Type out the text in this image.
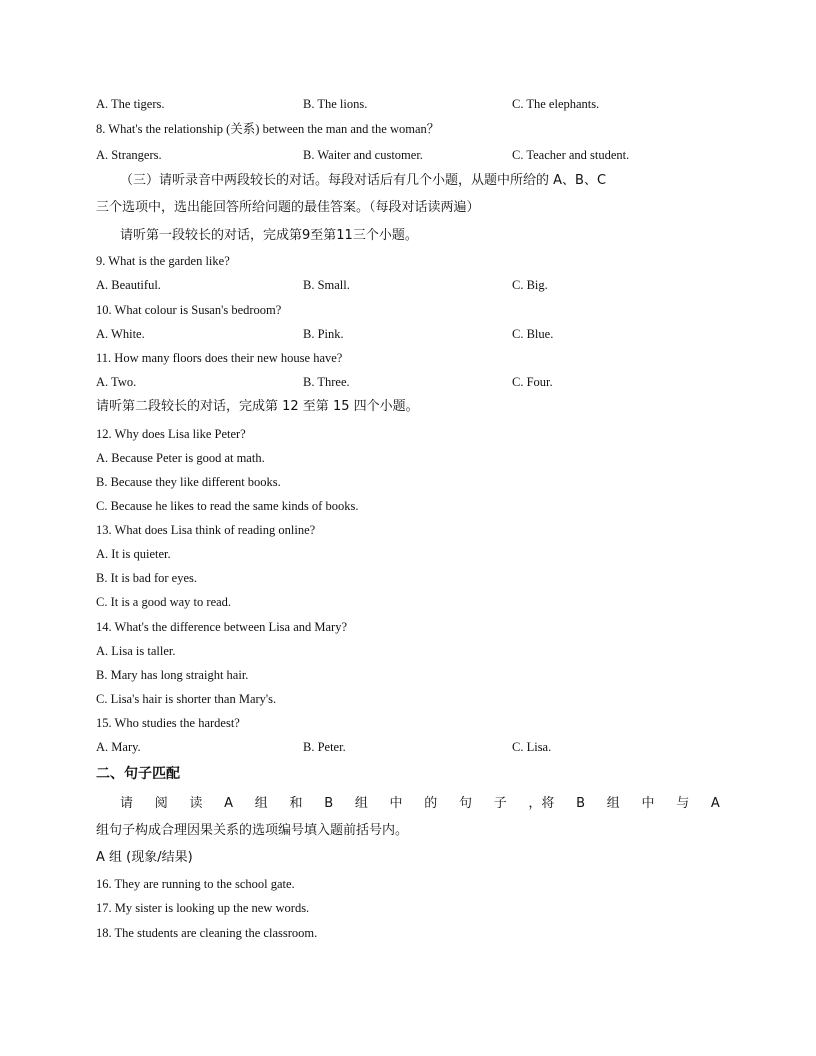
A. The tigers.	B. The lions.	C. The elephants.
8. What's the relationship (关系) between the man and the woman？
A. Strangers.	B. Waiter and customer.	C. Teacher and student.
（三）请听录音中两段较长的对话。每段对话后有几个小题，从题中所给的 A、B、C
三个选项中，选出能回答所给问题的最佳答案。（每段对话读两遍）
请听第一段较长的对话，完成第9至第11三个小题。
9. What is the garden like?
A. Beautiful.	B. Small.	C. Big.
10. What colour is Susan's bedroom?
A. White.	B. Pink.	C. Blue.
11. How many floors does their new house have?
A. Two.	B. Three.	C. Four.
请听第二段较长的对话，完成第 12 至第 15 四个小题。
12. Why does Lisa like Peter?
A. Because Peter is good at math.
B. Because they like different books.
C. Because he likes to read the same kinds of books.
13. What does Lisa think of reading online?
A. It is quieter.
B. It is bad for eyes.
C. It is a good way to read.
14. What's the difference between Lisa and Mary?
A. Lisa is taller.
B. Mary has long straight hair.
C. Lisa's hair is shorter than Mary's.
15. Who studies the hardest?
A. Mary.	B. Peter.	C. Lisa.
二、句子匹配
请 阅 读 A 组 和 B 组 中 的 句 子 ，将 B 组 中 与 A
组句子构成合理因果关系的选项编号填入题前括号内。
A 组 (现象/结果)
16. They are running to the school gate.
17. My sister is looking up the new words.
18. The students are cleaning the classroom.
